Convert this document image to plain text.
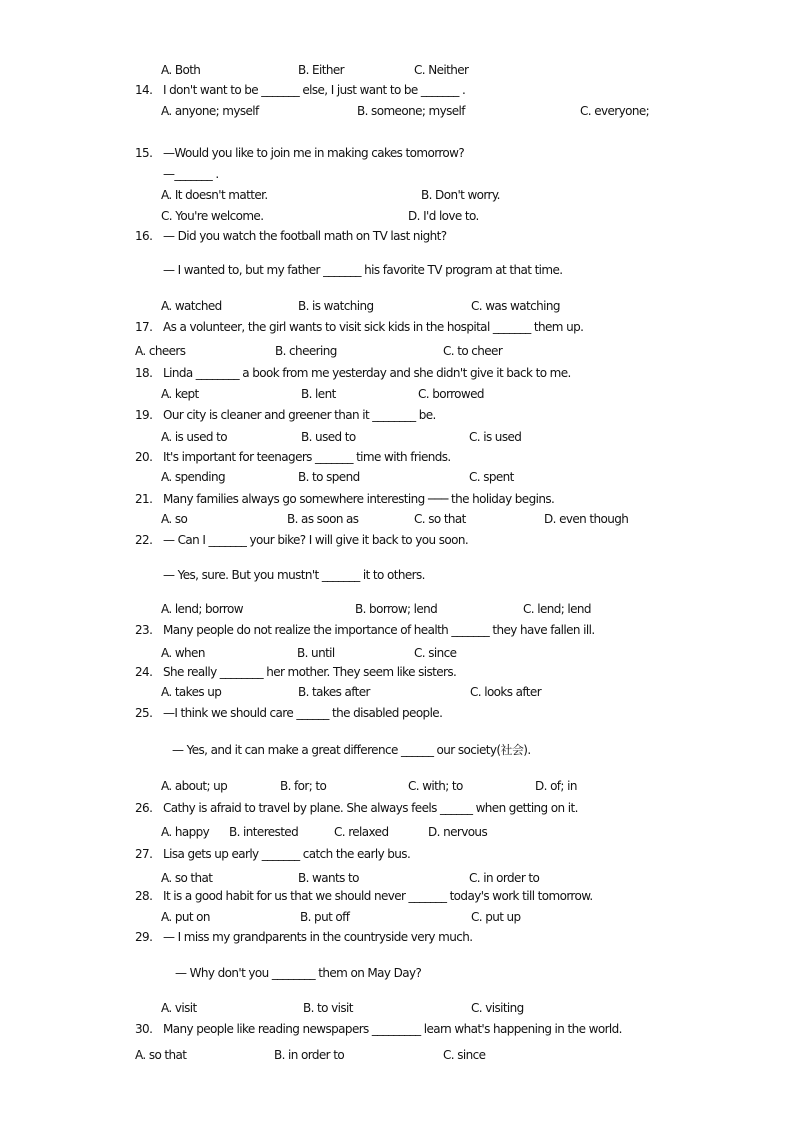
A. Both	B. Either	C. Neither
14. I don't want to be _______ else, I just want to be _______ .
A. anyone; myself	B. someone; myself	C. everyone;
15. —Would you like to join me in making cakes tomorrow?
—_______ .
A. It doesn't matter.	B. Don't worry.
C. You're welcome.	D. I'd love to.
16. — Did you watch the football math on TV last night?
— I wanted to, but my father _______ his favorite TV program at that time.
A. watched	B. is watching	C. was watching
17. As a volunteer, the girl wants to visit sick kids in the hospital _______ them up.
A. cheers	B. cheering	C. to cheer
18. Linda ________ a book from me yesterday and she didn't give it back to me.
A. kept	B. lent	C. borrowed
19. Our city is cleaner and greener than it ________ be.
A. is used to	B. used to	C. is used
20. It's important for teenagers _______ time with friends.
A. spending	B. to spend	C. spent
21. Many families always go somewhere interesting ─── the holiday begins.
A. so	B. as soon as	C. so that	D. even though
22. — Can I _______ your bike? I will give it back to you soon.
— Yes, sure. But you mustn't _______ it to others.
A. lend; borrow	B. borrow; lend	C. lend; lend
23. Many people do not realize the importance of health _______ they have fallen ill.
A. when	B. until	C. since
24. She really ________ her mother. They seem like sisters.
A. takes up	B. takes after	C. looks after
25. —I think we should care ______ the disabled people.
— Yes, and it can make a great difference ______ our society(社会).
A. about; up	B. for; to	C. with; to	D. of; in
26. Cathy is afraid to travel by plane. She always feels ______ when getting on it.
A. happy B. interested	C. relaxed	D. nervous
27. Lisa gets up early _______ catch the early bus.
A. so that	B. wants to	C. in order to
28. It is a good habit for us that we should never _______ today's work till tomorrow.
A. put on	B. put off	C. put up
29. — I miss my grandparents in the countryside very much.
— Why don't you ________ them on May Day?
A. visit	B. to visit	C. visiting
30. Many people like reading newspapers _________ learn what's happening in the world.
A. so that	B. in order to	C. since
